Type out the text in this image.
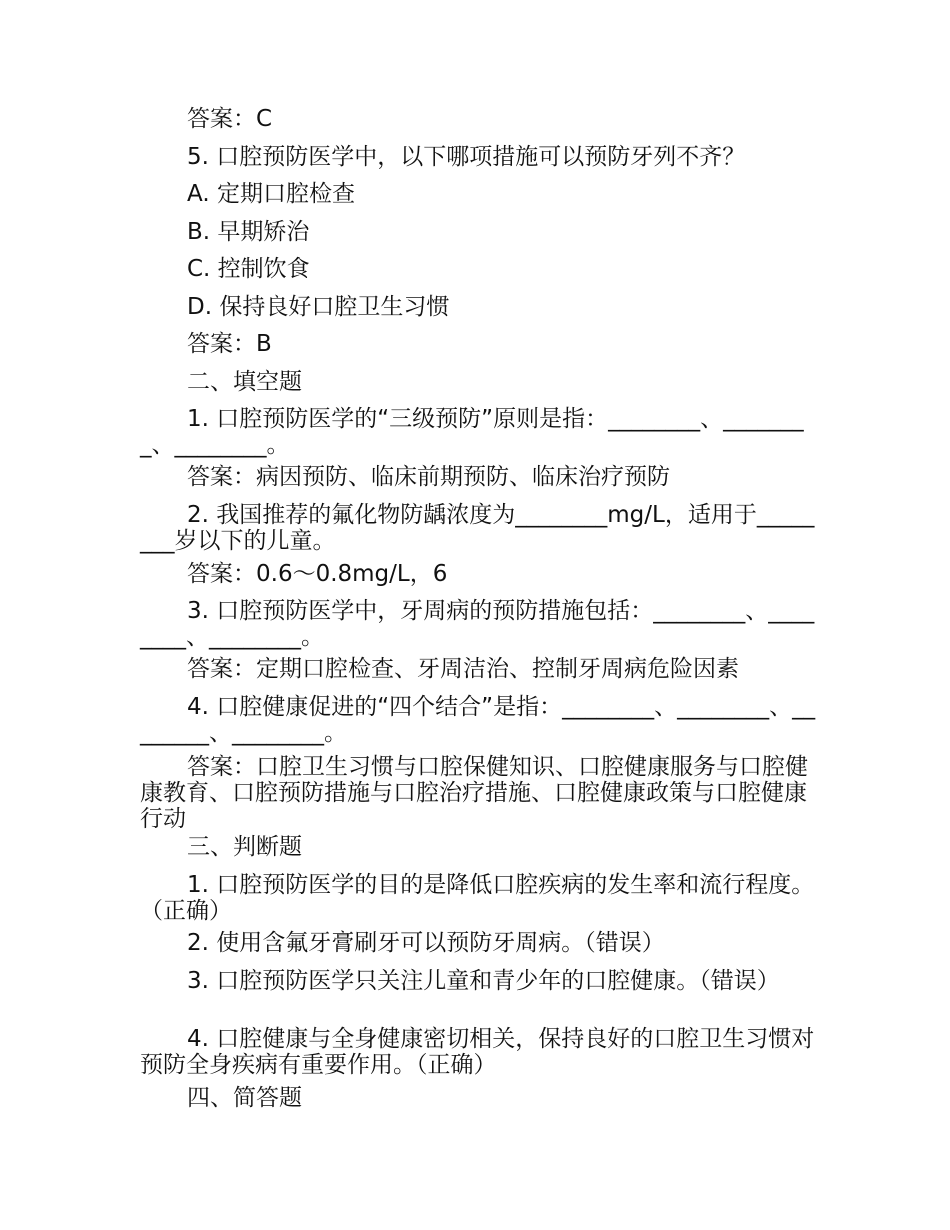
答案：C
5. 口腔预防医学中，以下哪项措施可以预防牙列不齐？
A. 定期口腔检查
B. 早期矫治
C. 控制饮食
D. 保持良好口腔卫生习惯
答案：B
二、填空题
1. 口腔预防医学的“三级预防”原则是指：________、________、________。
答案：病因预防、临床前期预防、临床治疗预防
2. 我国推荐的氟化物防龋浓度为________mg/L，适用于________岁以下的儿童。
答案：0.6～0.8mg/L，6
3. 口腔预防医学中，牙周病的预防措施包括：________、________、________。
答案：定期口腔检查、牙周洁治、控制牙周病危险因素
4. 口腔健康促进的“四个结合”是指：________、________、________、________。
答案：口腔卫生习惯与口腔保健知识、口腔健康服务与口腔健康教育、口腔预防措施与口腔治疗措施、口腔健康政策与口腔健康行动
三、判断题
1. 口腔预防医学的目的是降低口腔疾病的发生率和流行程度。（正确）
2. 使用含氟牙膏刷牙可以预防牙周病。（错误）
3. 口腔预防医学只关注儿童和青少年的口腔健康。（错误）
4. 口腔健康与全身健康密切相关，保持良好的口腔卫生习惯对预防全身疾病有重要作用。（正确）
四、简答题
